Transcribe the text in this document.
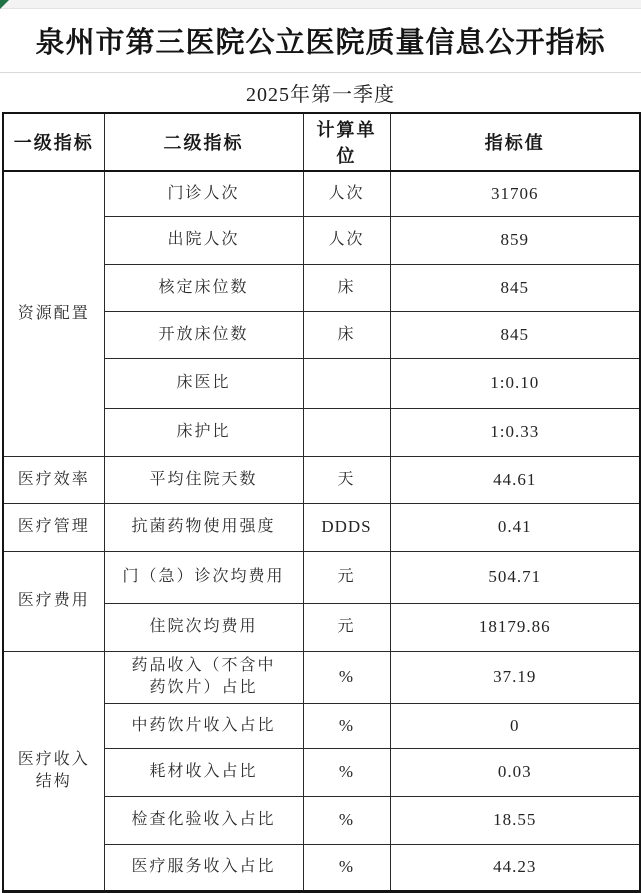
泉州市第三医院公立医院质量信息公开指标
2025年第一季度
一级指标	二级指标	计算单位	指标值
资源配置	门诊人次	人次	31706
	出院人次	人次	859
	核定床位数	床	845
	开放床位数	床	845
	床医比		1:0.10
	床护比		1:0.33
医疗效率	平均住院天数	天	44.61
医疗管理	抗菌药物使用强度	DDDS	0.41
医疗费用	门（急）诊次均费用	元	504.71
	住院次均费用	元	18179.86
医疗收入结构	药品收入（不含中药饮片）占比	%	37.19
	中药饮片收入占比	%	0
	耗材收入占比	%	0.03
	检查化验收入占比	%	18.55
	医疗服务收入占比	%	44.23
